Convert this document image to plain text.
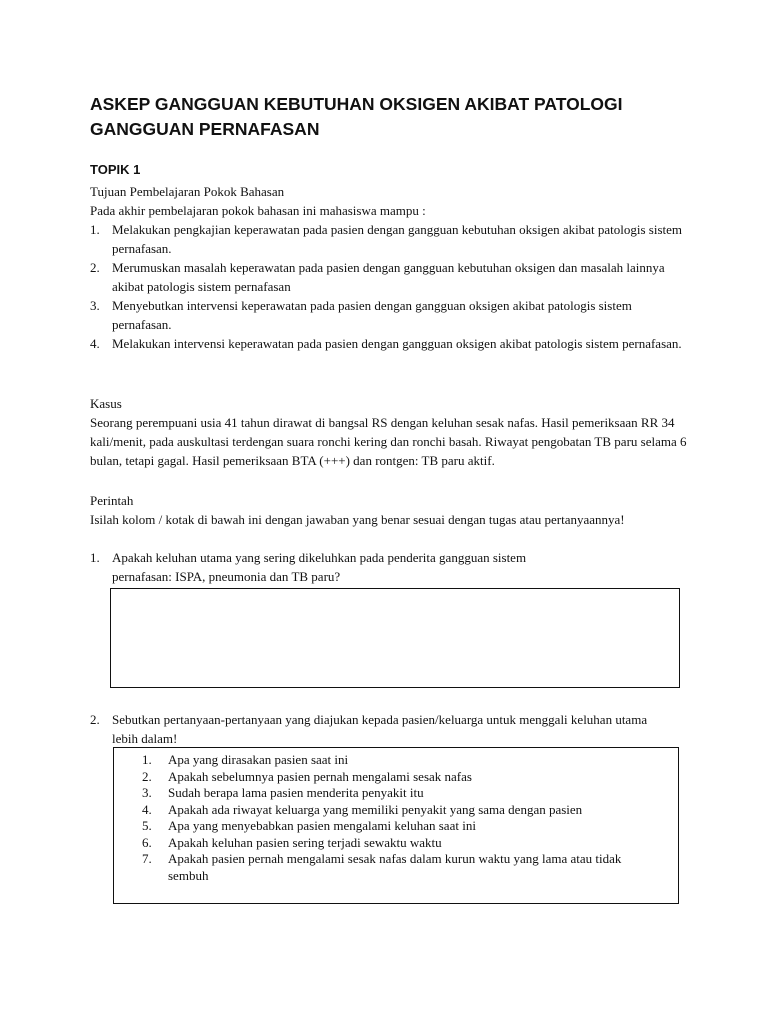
ASKEP GANGGUAN KEBUTUHAN OKSIGEN AKIBAT PATOLOGI GANGGUAN PERNAFASAN
TOPIK 1
Tujuan Pembelajaran Pokok Bahasan
Pada akhir pembelajaran pokok bahasan ini mahasiswa mampu :
1. Melakukan pengkajian keperawatan pada pasien dengan gangguan kebutuhan oksigen akibat patologis sistem pernafasan.
2. Merumuskan masalah keperawatan pada pasien dengan gangguan kebutuhan oksigen dan masalah lainnya akibat patologis sistem pernafasan
3. Menyebutkan intervensi keperawatan pada pasien dengan gangguan oksigen akibat patologis sistem pernafasan.
4. Melakukan intervensi keperawatan pada pasien dengan gangguan oksigen akibat patologis sistem pernafasan.
Kasus
Seorang perempuani usia 41 tahun dirawat di bangsal RS dengan keluhan sesak nafas. Hasil pemeriksaan RR 34 kali/menit, pada auskultasi terdengan suara ronchi kering dan ronchi basah. Riwayat pengobatan TB paru selama 6 bulan, tetapi gagal. Hasil pemeriksaan BTA (+++) dan rontgen: TB paru aktif.
Perintah
Isilah kolom / kotak di bawah ini dengan jawaban yang benar sesuai dengan tugas atau pertanyaannya!
1. Apakah keluhan utama yang sering dikeluhkan pada penderita gangguan sistem pernafasan: ISPA, pneumonia dan TB paru?
2. Sebutkan pertanyaan-pertanyaan yang diajukan kepada pasien/keluarga untuk menggali keluhan utama lebih dalam!
1. Apa yang dirasakan pasien saat ini
2. Apakah sebelumnya pasien pernah mengalami sesak nafas
3. Sudah berapa lama pasien menderita penyakit itu
4. Apakah ada riwayat keluarga yang memiliki penyakit yang sama dengan pasien
5. Apa yang menyebabkan pasien mengalami keluhan saat ini
6. Apakah keluhan pasien sering terjadi sewaktu waktu
7. Apakah pasien pernah mengalami sesak nafas dalam kurun waktu yang lama atau tidak sembuh
